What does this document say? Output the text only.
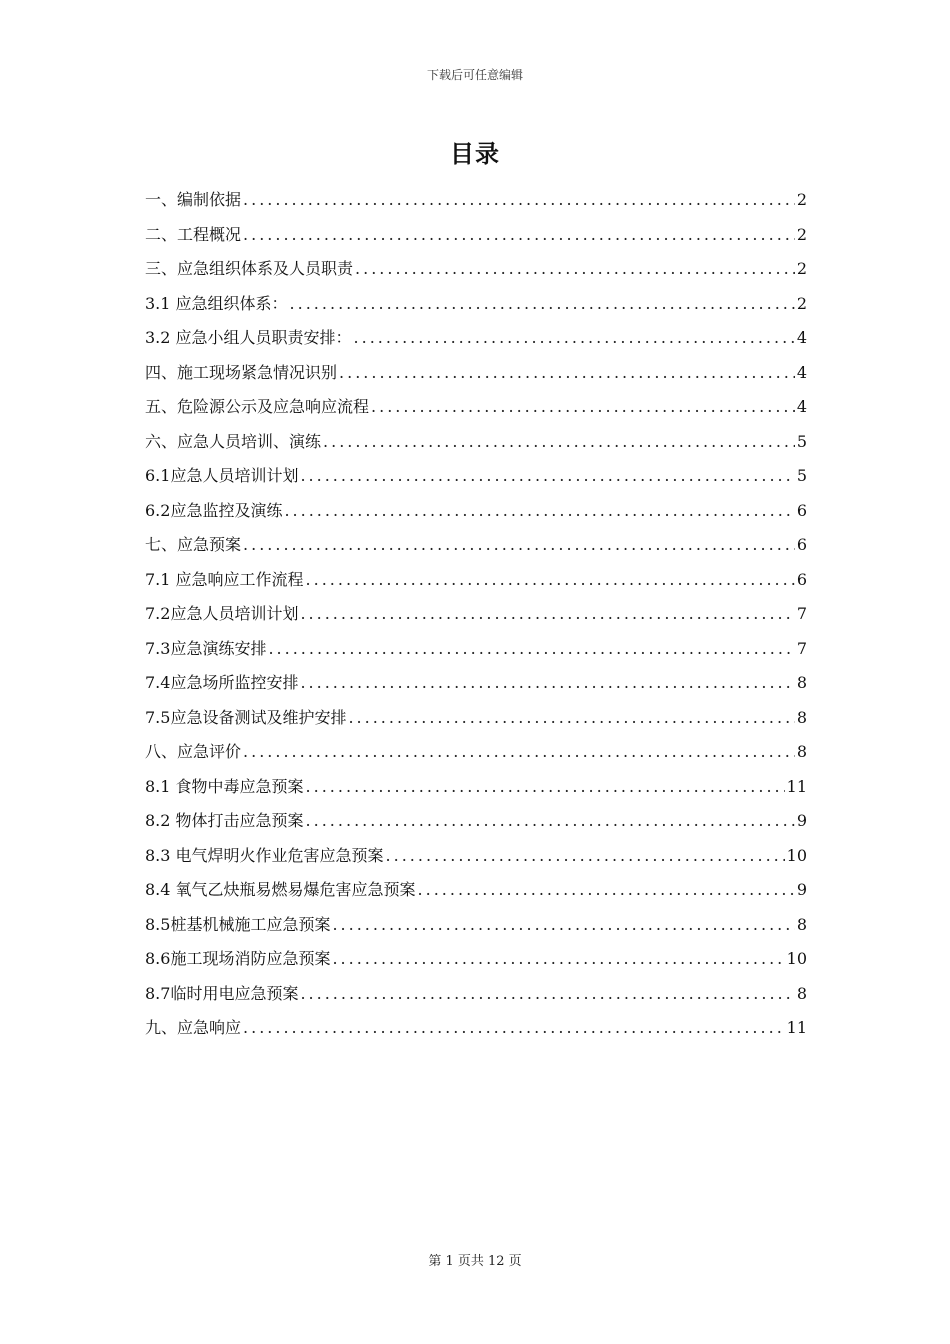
下载后可任意编辑
目录
一、编制依据 .....	2
二、工程概况 .....	2
三、应急组织体系及人员职责 .....	2
3.1 应急组织体系： .....	2
3.2 应急小组人员职责安排： .....	4
四、施工现场紧急情况识别 .....	4
五、危险源公示及应急响应流程 .....	4
六、应急人员培训、演练 .....	5
6.1应急人员培训计划 .....	5
6.2应急监控及演练 .....	6
七、应急预案 .....	6
7.1 应急响应工作流程 .....	6
7.2应急人员培训计划 .....	7
7.3应急演练安排 .....	7
7.4应急场所监控安排 .....	8
7.5应急设备测试及维护安排 .....	8
八、应急评价 .....	8
8.1 食物中毒应急预案 .....	11
8.2 物体打击应急预案 .....	9
8.3 电气焊明火作业危害应急预案 .....	10
8.4 氧气乙炔瓶易燃易爆危害应急预案 .....	9
8.5桩基机械施工应急预案 .....	8
8.6施工现场消防应急预案 .....	10
8.7临时用电应急预案 .....	8
九、应急响应 .....	11
第 1 页共 12 页
